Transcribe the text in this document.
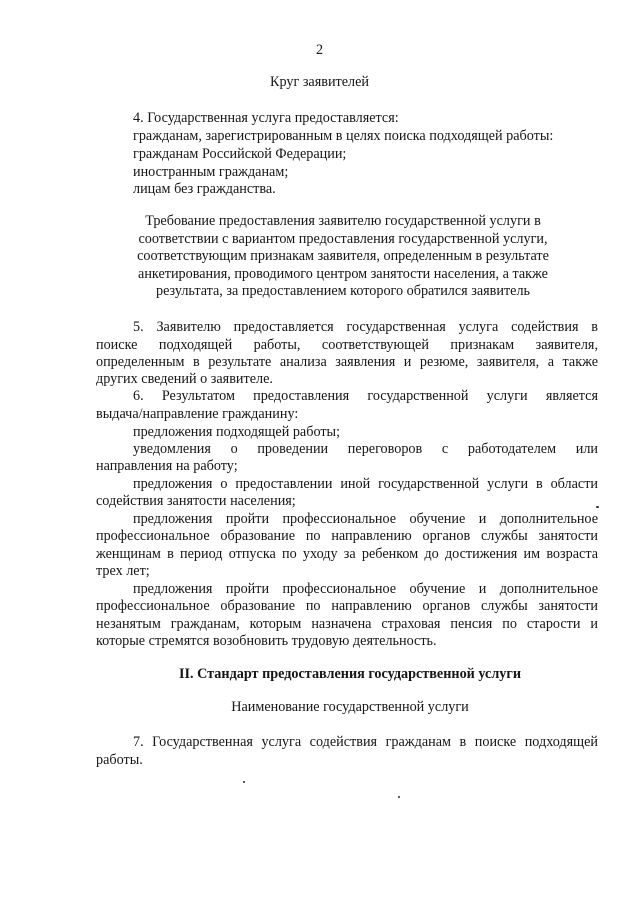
2
Круг заявителей
4. Государственная услуга предоставляется:
гражданам, зарегистрированным в целях поиска подходящей работы:
гражданам Российской Федерации;
иностранным гражданам;
лицам без гражданства.
Требование предоставления заявителю государственной услуги в
соответствии с вариантом предоставления государственной услуги,
соответствующим признакам заявителя, определенным в результате
анкетирования, проводимого центром занятости населения, а также
результата, за предоставлением которого обратился заявитель
5. Заявителю предоставляется государственная услуга содействия в
поиске подходящей работы, соответствующей признакам заявителя,
определенным в результате анализа заявления и резюме, заявителя, а также
других сведений о заявителе.
6. Результатом предоставления государственной услуги является
выдача/направление гражданину:
предложения подходящей работы;
уведомления о проведении переговоров с работодателем или
направления на работу;
предложения о предоставлении иной государственной услуги в области
содействия занятости населения;
предложения пройти профессиональное обучение и дополнительное
профессиональное образование по направлению органов службы занятости
женщинам в период отпуска по уходу за ребенком до достижения им возраста
трех лет;
предложения пройти профессиональное обучение и дополнительное
профессиональное образование по направлению органов службы занятости
незанятым гражданам, которым назначена страховая пенсия по старости и
которые стремятся возобновить трудовую деятельность.
II. Стандарт предоставления государственной услуги
Наименование государственной услуги
7. Государственная услуга содействия гражданам в поиске подходящей
работы.
